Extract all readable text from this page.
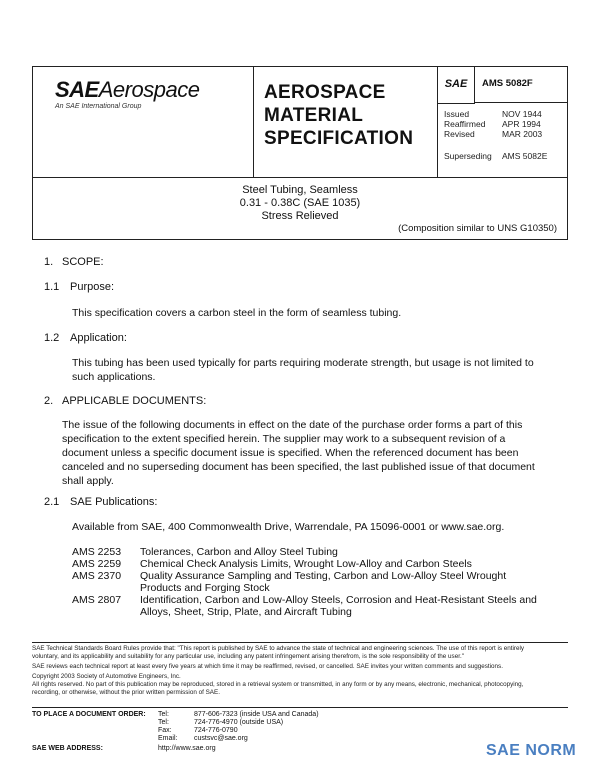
SAEAerospace
An SAE International Group
AEROSPACE
MATERIAL
SPECIFICATION
SAE	AMS 5082F
Issued	NOV 1944
Reaffirmed APR 1994
Revised	MAR 2003
Superseding AMS 5082E
Steel Tubing, Seamless
0.31 - 0.38C (SAE 1035)
Stress Relieved
(Composition similar to UNS G10350)
1. SCOPE:
1.1 Purpose:
This specification covers a carbon steel in the form of seamless tubing.
1.2 Application:
This tubing has been used typically for parts requiring moderate strength, but usage is not limited to
such applications.
2. APPLICABLE DOCUMENTS:
The issue of the following documents in effect on the date of the purchase order forms a part of this
specification to the extent specified herein. The supplier may work to a subsequent revision of a
document unless a specific document issue is specified. When the referenced document has been
canceled and no superseding document has been specified, the last published issue of that document
shall apply.
2.1 SAE Publications:
Available from SAE, 400 Commonwealth Drive, Warrendale, PA 15096-0001 or www.sae.org.
AMS 2253	Tolerances, Carbon and Alloy Steel Tubing
AMS 2259	Chemical Check Analysis Limits, Wrought Low-Alloy and Carbon Steels
AMS 2370	Quality Assurance Sampling and Testing, Carbon and Low-Alloy Steel Wrought
Products and Forging Stock
AMS 2807	Identification, Carbon and Low-Alloy Steels, Corrosion and Heat-Resistant Steels and
Alloys, Sheet, Strip, Plate, and Aircraft Tubing
SAE Technical Standards Board Rules provide that: "This report is published by SAE to advance the state of technical and engineering sciences. The use of this report is entirely
voluntary, and its applicability and suitability for any particular use, including any patent infringement arising therefrom, is the sole responsibility of the user."
SAE reviews each technical report at least every five years at which time it may be reaffirmed, revised, or cancelled. SAE invites your written comments and suggestions.
Copyright 2003 Society of Automotive Engineers, Inc.
All rights reserved. No part of this publication may be reproduced, stored in a retrieval system or transmitted, in any form or by any means, electronic, mechanical, photocopying,
recording, or otherwise, without the prior written permission of SAE.
TO PLACE A DOCUMENT ORDER: Tel:	877-606-7323 (inside USA and Canada)
Tel:	724-776-4970 (outside USA)
Fax:	724-776-0790
Email: custsvc@sae.org
SAE WEB ADDRESS:	http://www.sae.org	SAE NORM
